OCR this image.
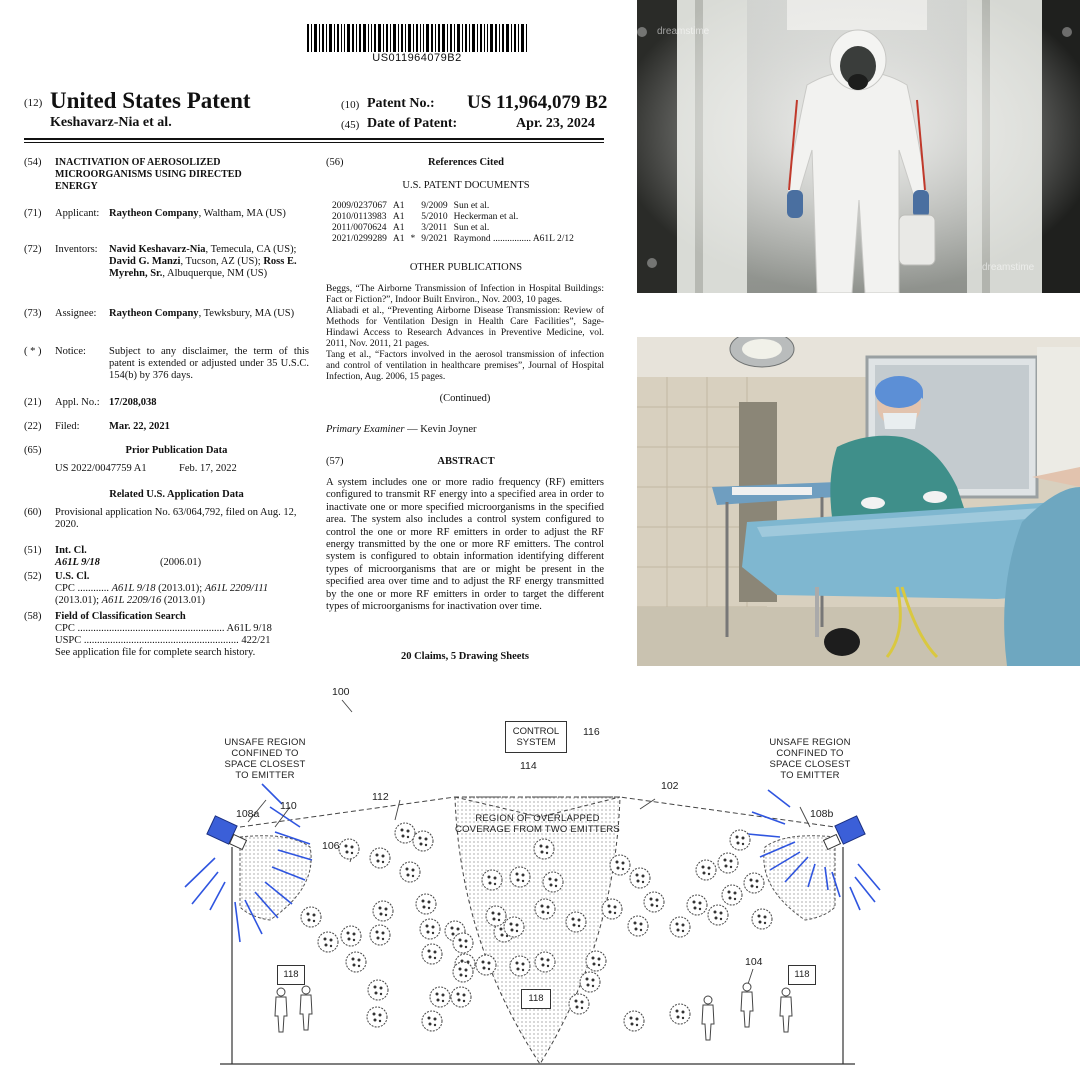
US011964079B2
(12) United States Patent
Keshavarz-Nia et al.
(10) Patent No.: US 11,964,079 B2
(45) Date of Patent:	Apr. 23, 2024
(54)	INACTIVATION OF AEROSOLIZED MICROORGANISMS USING DIRECTED ENERGY
(71)	Applicant: Raytheon Company, Waltham, MA (US)
(72)	Inventors: Navid Keshavarz-Nia, Temecula, CA (US); David G. Manzi, Tucson, AZ (US); Ross E. Myrehn, Sr., Albuquerque, NM (US)
(73)	Assignee: Raytheon Company, Tewksbury, MA (US)
( * )	Notice: Subject to any disclaimer, the term of this patent is extended or adjusted under 35 U.S.C. 154(b) by 376 days.
(21)	Appl. No.: 17/208,038
(22)	Filed:	Mar. 22, 2021
(65)	Prior Publication Data
US 2022/0047759 A1	Feb. 17, 2022
Related U.S. Application Data
(60)	Provisional application No. 63/064,792, filed on Aug. 12, 2020.
(51)	Int. Cl.
A61L 9/18	(2006.01)
(52)	U.S. Cl.
CPC ............ A61L 9/18 (2013.01); A61L 2209/111 (2013.01); A61L 2209/16 (2013.01)
(58)	Field of Classification Search
CPC ........................................................ A61L 9/18
USPC ........................................................... 422/21
See application file for complete search history.
(56)	References Cited
U.S. PATENT DOCUMENTS
2009/0237067	A1		9/2009	Sun et al.
2010/0113983	A1		5/2010	Heckerman et al.
2011/0070624	A1		3/2011	Sun et al.
2021/0299289	A1	*	9/2021	Raymond ................ A61L 2/12
OTHER PUBLICATIONS
Beggs, “The Airborne Transmission of Infection in Hospital Buildings: Fact or Fiction?”, Indoor Built Environ., Nov. 2003, 10 pages.
Aliabadi et al., “Preventing Airborne Disease Transmission: Review of Methods for Ventilation Design in Health Care Facilities”, Sage-Hindawi Access to Research Advances in Preventive Medicine, vol. 2011, Nov. 2011, 21 pages.
Tang et al., “Factors involved in the aerosol transmission of infection and control of ventilation in healthcare premises”, Journal of Hospital Infection, Aug. 2006, 15 pages.
(Continued)
Primary Examiner — Kevin Joyner
(57)	ABSTRACT
A system includes one or more radio frequency (RF) emitters configured to transmit RF energy into a specified area in order to inactivate one or more specified microorganisms in the specified area. The system also includes a control system configured to control the one or more RF emitters in order to adjust the RF energy transmitted by the one or more RF emitters. The control system is configured to obtain information identifying different types of microorganisms that are or might be present in the specified area over time and to adjust the RF energy transmitted by the one or more RF emitters in order to target the different types of microorganisms for inactivation over time.
20 Claims, 5 Drawing Sheets
dreamstime
dreamstime
100
CONTROL
SYSTEM
116
114
102
112
110
108a	108b
106
104
REGION OF OVERLAPPED
COVERAGE FROM TWO EMITTERS
UNSAFE REGION
CONFINED TO
SPACE CLOSEST
TO EMITTER
UNSAFE REGION
CONFINED TO
SPACE CLOSEST
TO EMITTER
118
118
118
